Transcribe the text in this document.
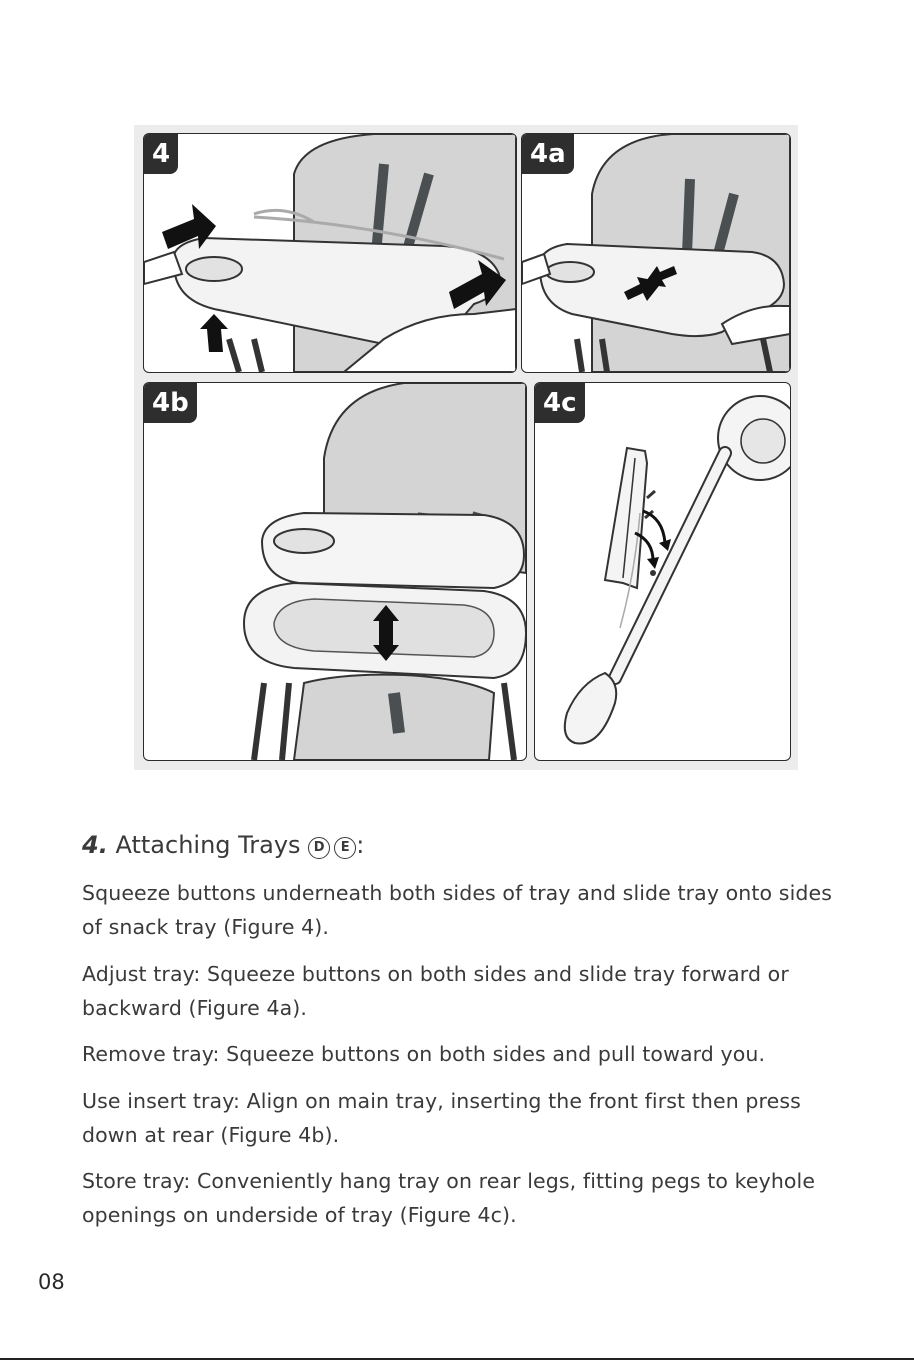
4	4a
4b	4c
4. Attaching Trays D E :
Squeeze buttons underneath both sides of tray and slide tray onto sides of snack tray (Figure 4).
Adjust tray: Squeeze buttons on both sides and slide tray forward or backward (Figure 4a).
Remove tray: Squeeze buttons on both sides and pull toward you.
Use insert tray: Align on main tray, inserting the front first then press down at rear (Figure 4b).
Store tray: Conveniently hang tray on rear legs, fitting pegs to keyhole openings on underside of tray (Figure 4c).
08
